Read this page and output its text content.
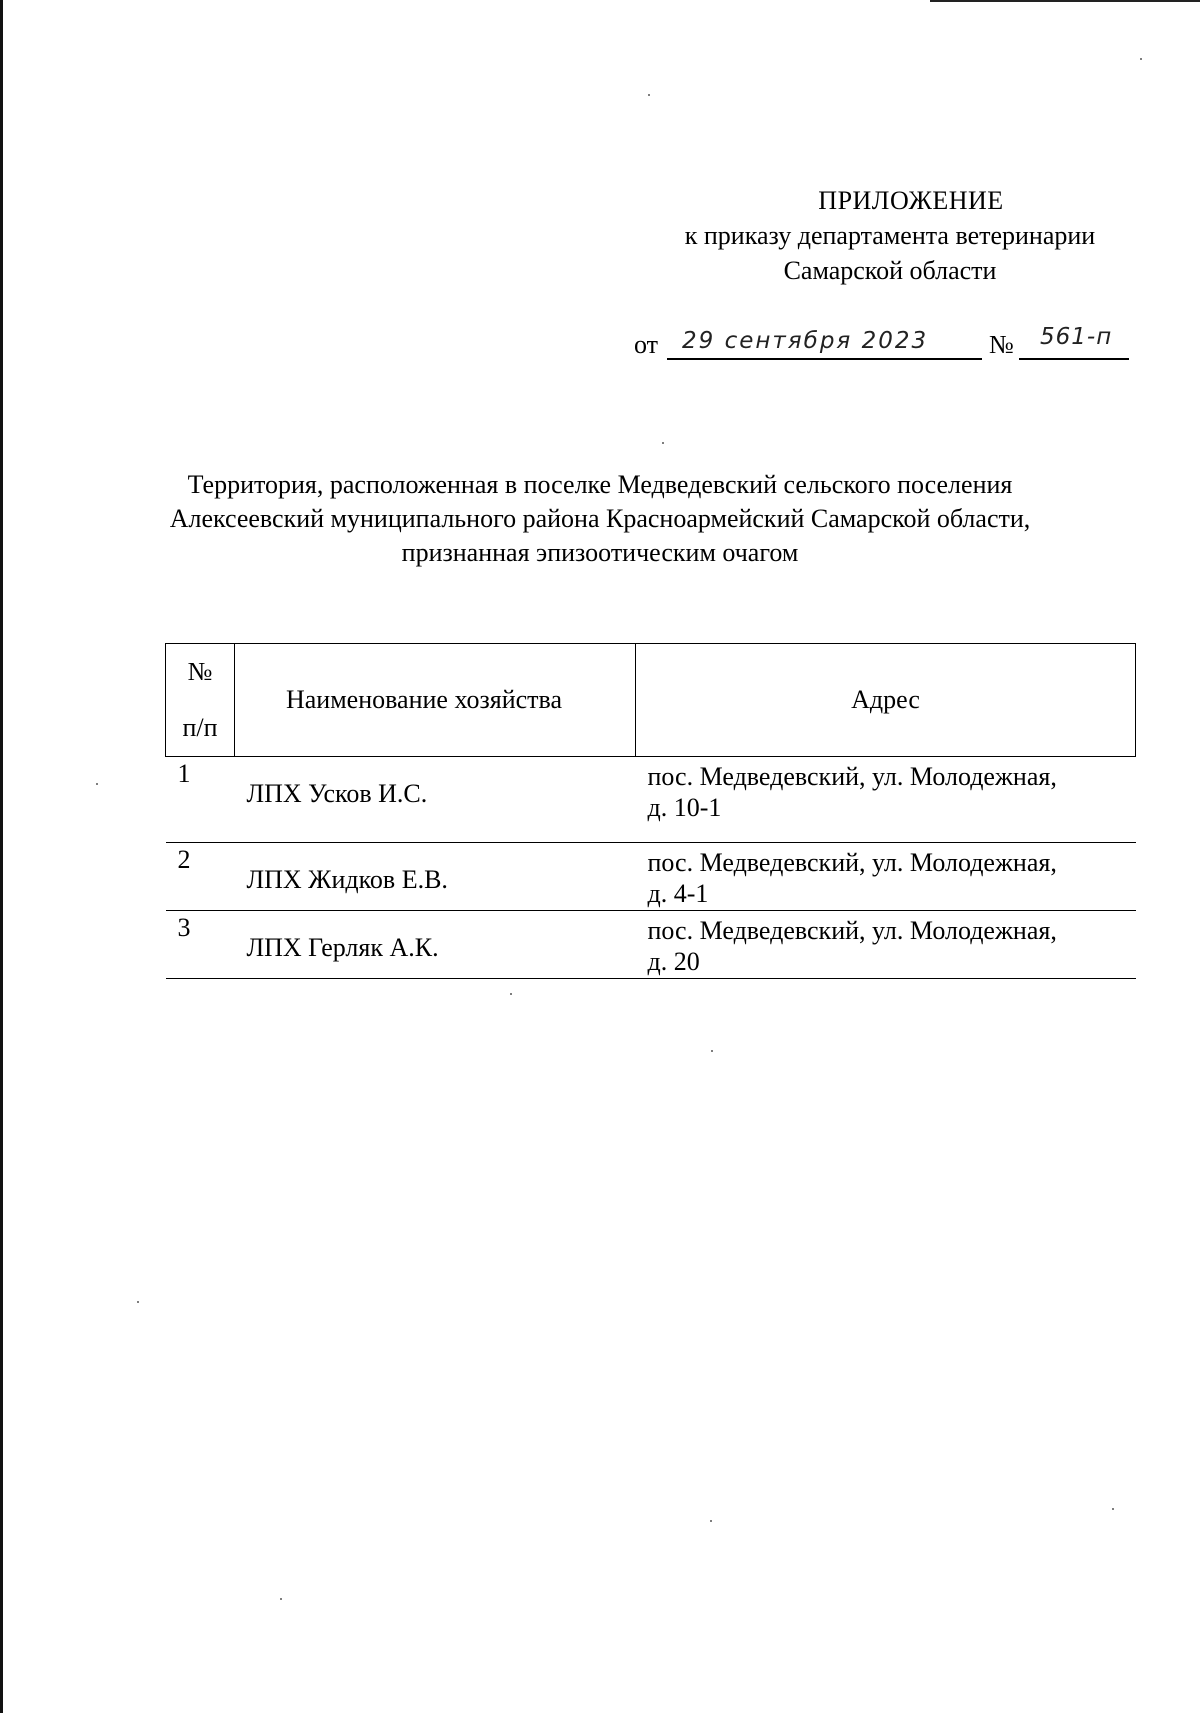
ПРИЛОЖЕНИЕ
к приказу департамента ветеринарии
Самарской области
от 29 сентября 2023 № 561-п
Территория, расположенная в поселке Медведевский сельского поселения
Алексеевский муниципального района Красноармейский Самарской области,
признанная эпизоотическим очагом
№
п/п	Наименование хозяйства	Адрес
1	ЛПХ Усков И.С.	пос. Медведевский, ул. Молодежная,
д. 10-1

2	ЛПХ Жидков Е.В.	пос. Медведевский, ул. Молодежная,
д. 4-1

3	ЛПХ Герляк А.К.	пос. Медведевский, ул. Молодежная,
д. 20
